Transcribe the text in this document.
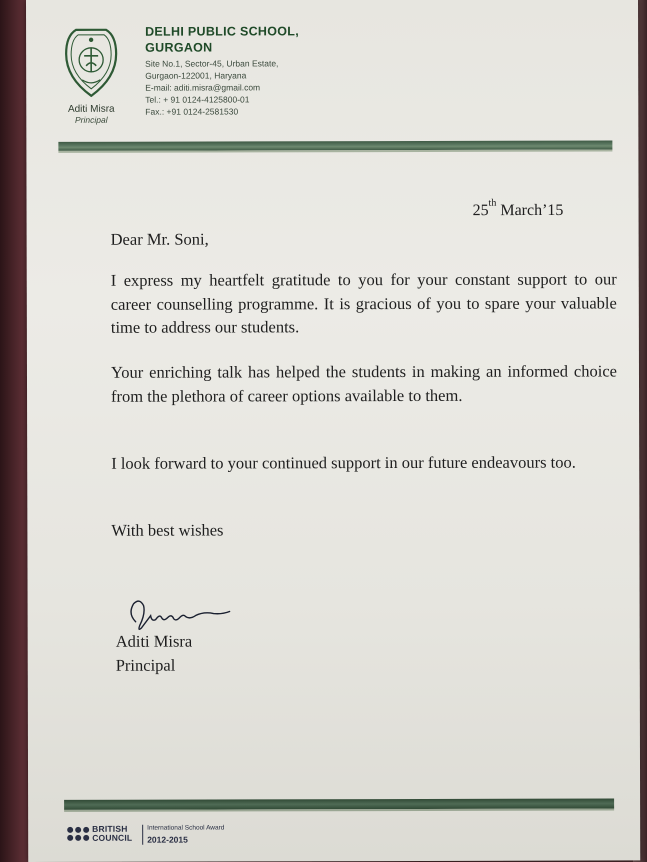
Aditi Misra
Principal
DELHI PUBLIC SCHOOL,
GURGAON
Site No.1, Sector-45, Urban Estate,
Gurgaon-122001, Haryana
E-mail: aditi.misra@gmail.com
Tel.: + 91 0124-4125800-01
Fax.: +91 0124-2581530
25th March’15
Dear Mr. Soni,
I express my heartfelt gratitude to you for your constant support to our career counselling programme. It is gracious of you to spare your valuable time to address our students.
Your enriching talk has helped the students in making an informed choice from the plethora of career options available to them.
I look forward to your continued support in our future endeavours too.
With best wishes
Aditi Misra
Principal
BRITISH
COUNCIL
International School Award
2012-2015
